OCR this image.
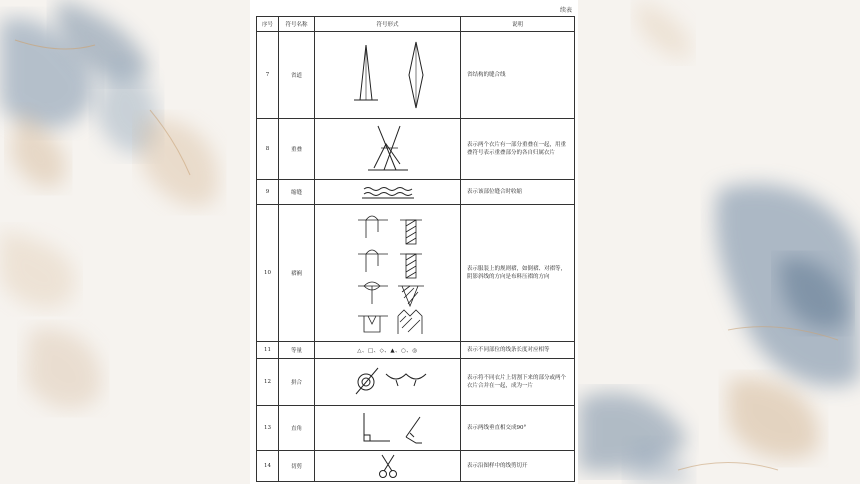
续表
序号	符号名称	符号形式	说明
7	省道		省结构的缝合线
8	重叠		表示两个衣片有一部分重叠在一起，用重叠符号表示重叠部分的各自归属衣片
9	缩缝		表示该部位缝合时收缩
10	褶裥		表示服装上的规则褶，如倒褶、对褶等，阴影斜线的方向是布料压褶的方向
11	等量	△、□、◇、▲、○、◎	表示不同部位的线条长度对应相等
12	拼合		表示将不同衣片上切割下来的部分或两个衣片合并在一起，成为一片
13	直角		表示两线垂直相交成90°
14	切剪		表示沿图样中的线剪切开
